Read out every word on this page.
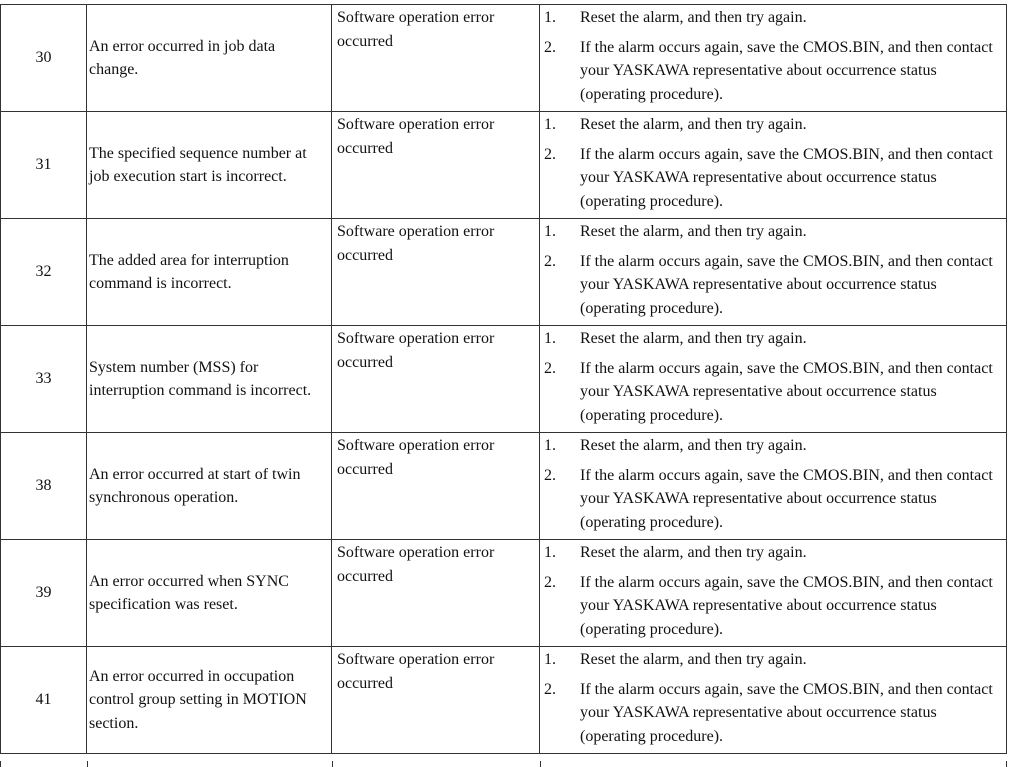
30	An error occurred in job data change.	Software operation error occurred	1. Reset the alarm, and then try again.
2. If the alarm occurs again, save the CMOS.BIN, and then contact your YASKAWA representative about occurrence status (operating procedure).

31	The specified sequence number at job execution start is incorrect.	Software operation error occurred	1. Reset the alarm, and then try again.
2. If the alarm occurs again, save the CMOS.BIN, and then contact your YASKAWA representative about occurrence status (operating procedure).

32	The added area for interruption command is incorrect.	Software operation error occurred	1. Reset the alarm, and then try again.
2. If the alarm occurs again, save the CMOS.BIN, and then contact your YASKAWA representative about occurrence status (operating procedure).

33	System number (MSS) for interruption command is incorrect.	Software operation error occurred	1. Reset the alarm, and then try again.
2. If the alarm occurs again, save the CMOS.BIN, and then contact your YASKAWA representative about occurrence status (operating procedure).

38	An error occurred at start of twin synchronous operation.	Software operation error occurred	1. Reset the alarm, and then try again.
2. If the alarm occurs again, save the CMOS.BIN, and then contact your YASKAWA representative about occurrence status (operating procedure).

39	An error occurred when SYNC specification was reset.	Software operation error occurred	1. Reset the alarm, and then try again.
2. If the alarm occurs again, save the CMOS.BIN, and then contact your YASKAWA representative about occurrence status (operating procedure).

41	An error occurred in occupation control group setting in MOTION section.	Software operation error occurred	1. Reset the alarm, and then try again.
2. If the alarm occurs again, save the CMOS.BIN, and then contact your YASKAWA representative about occurrence status (operating procedure).
